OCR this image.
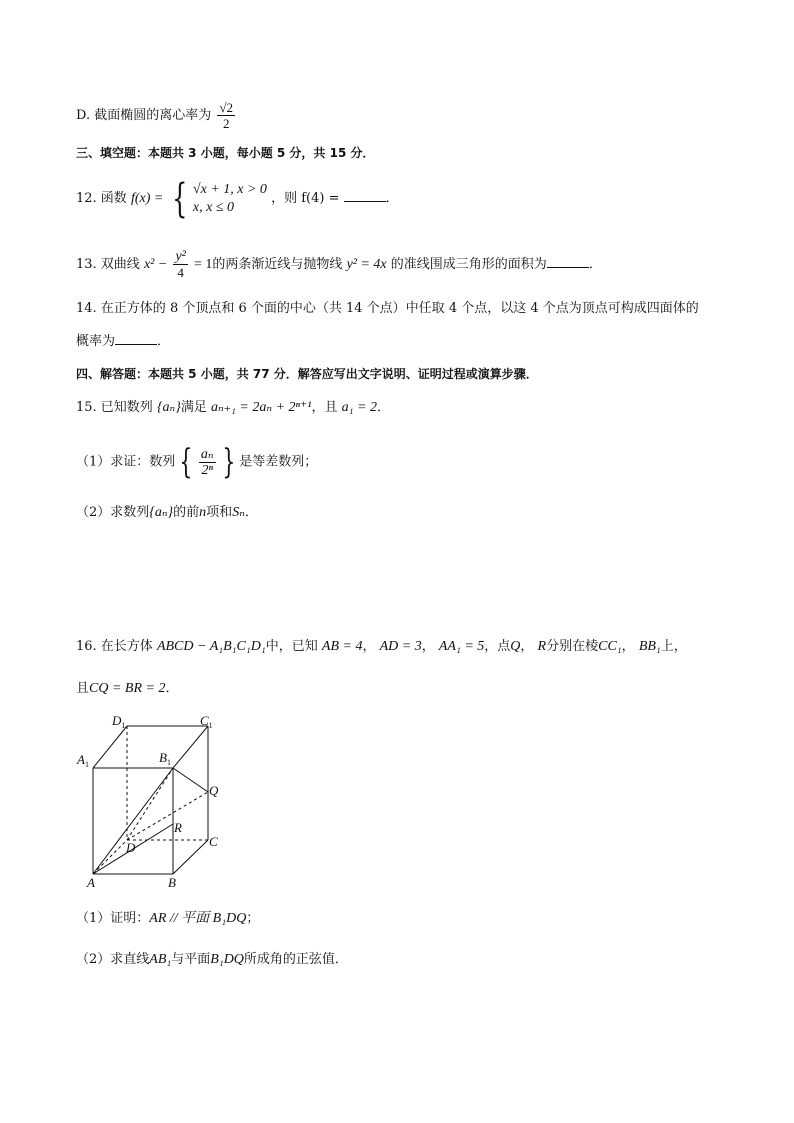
D. 截面椭圆的离心率为 $\frac{√2}{2}$
三、填空题：本题共 3 小题，每小题 5 分，共 15 分．
12. 函数 f(x) = { √x + 1, x > 0
x, x ≤ 0
，则 f(4) =	．
13. 双曲线 $x^2 - \frac{\text{y²}}{4} = 1$的两条渐近线与抛物线 y² = 4x 的准线围成三角形的面积为	．
14. 在正方体的 8 个顶点和 6 个面的中心（共 14 个点）中任取 4 个点，以这 4 个点为顶点可构成四面体的
概率为	．
四、解答题：本题共 5 小题，共 77 分．解答应写出文字说明、证明过程或演算步骤．
15. 已知数列 {aₙ}满足 aₙ₊₁ = 2aₙ + 2ⁿ⁺¹，且 a₁ = 2．
（1）求证：数列 { $\frac{\text{aₙ}}{\text{2ⁿ}}$ } 是等差数列；
（2）求数列{aₙ}的前n项和Sₙ．
16. 在长方体 ABCD − A₁B₁C₁D₁中，已知 AB = 4， AD = 3， AA₁ = 5，点Q， R分别在棱CC₁， BB₁上，
且CQ = BR = 2．
$D_1$	$C_1$
$A_1$	$B_1$
Q
R
D	C
A	B
（1）证明：AR // 平面 B₁DQ；
（2）求直线AB₁与平面B₁DQ所成角的正弦值．
